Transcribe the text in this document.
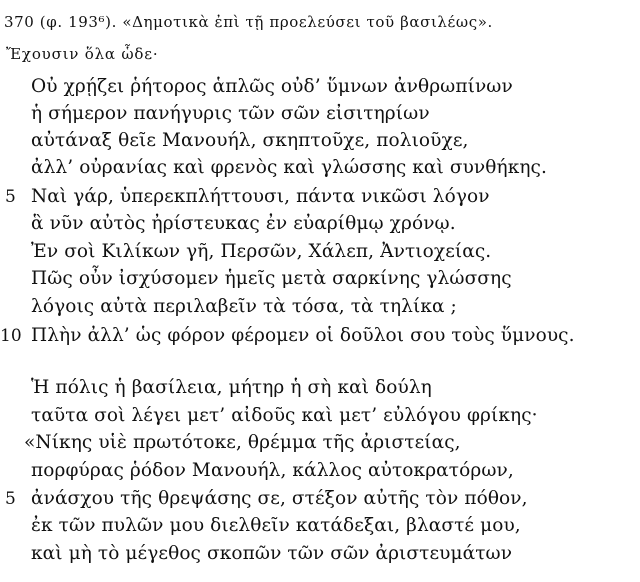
370 (φ. 193⁶). «Δημοτικὰ ἐπὶ τῇ προελεύσει τοῦ βασιλέως».
Ἔχουσιν ὅλα ὧδε·
Οὐ χρῄζει ῥήτορος ἁπλῶς οὐδ’ ὕμνων ἀνθρωπίνων
ἡ σήμερον πανήγυρις τῶν σῶν εἰσιτηρίων
αὐτάναξ θεῖε Μανουήλ, σκηπτοῦχε, πολιοῦχε,
ἀλλ’ οὐρανίας καὶ φρενὸς καὶ γλώσσης καὶ συνθήκης.
5 Ναὶ γάρ, ὑπερεκπλήττουσι, πάντα νικῶσι λόγον
ἃ νῦν αὐτὸς ἠρίστευκας ἐν εὐαρίθμῳ χρόνῳ.
Ἐν σοὶ Κιλίκων γῆ, Περσῶν, Χάλεπ, Ἀντιοχείας.
Πῶς οὖν ἰσχύσομεν ἡμεῖς μετὰ σαρκίνης γλώσσης
λόγοις αὐτὰ περιλαβεῖν τὰ τόσα, τὰ τηλίκα ;
10 Πλὴν ἀλλ’ ὡς φόρον φέρομεν οἱ δοῦλοι σου τοὺς ὕμνους.
Ἡ πόλις ἡ βασίλεια, μήτηρ ἡ σὴ καὶ δούλη
ταῦτα σοὶ λέγει μετ’ αἰδοῦς καὶ μετ’ εὐλόγου φρίκης·
«Νίκης υἱὲ πρωτότοκε, θρέμμα τῆς ἀριστείας,
πορφύρας ῥόδον Μανουήλ, κάλλος αὐτοκρατόρων,
5 ἀνάσχου τῆς θρεψάσης σε, στέξον αὐτῆς τὸν πόθον,
ἐκ τῶν πυλῶν μου διελθεῖν κατάδεξαι, βλαστέ μου,
καὶ μὴ τὸ μέγεθος σκοπῶν τῶν σῶν ἀριστευμάτων
